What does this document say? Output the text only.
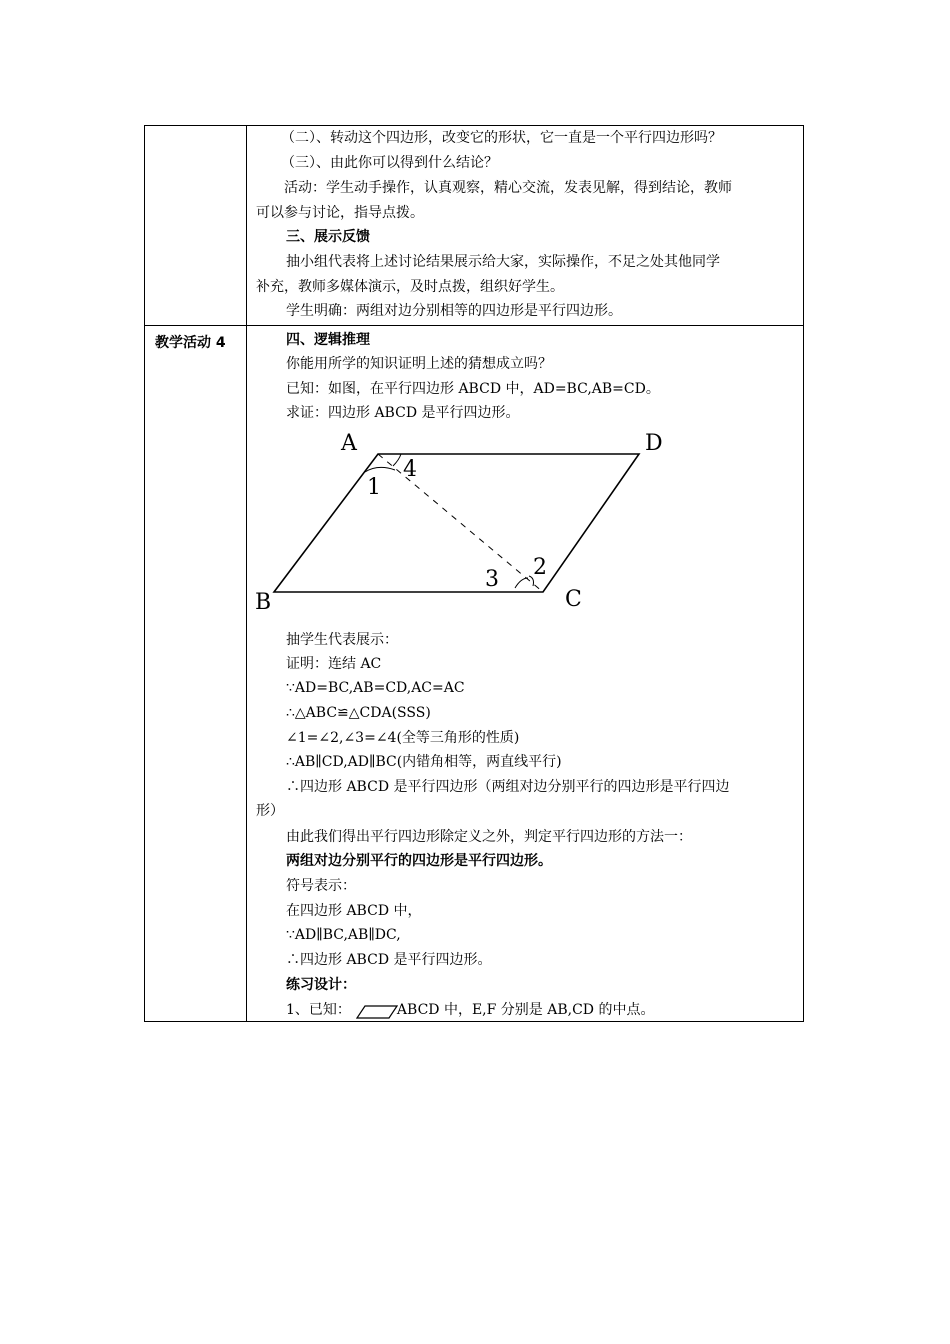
（二）、转动这个四边形，改变它的形状，它一直是一个平行四边形吗？
（三）、由此你可以得到什么结论？
活动：学生动手操作，认真观察，精心交流，发表见解，得到结论，教师
可以参与讨论，指导点拨。
三、展示反馈
抽小组代表将上述讨论结果展示给大家，实际操作，不足之处其他同学
补充，教师多媒体演示，及时点拨，组织好学生。
学生明确：两组对边分别相等的四边形是平行四边形。
教学活动 4	四、逻辑推理
你能用所学的知识证明上述的猜想成立吗？
已知：如图，在平行四边形 ABCD 中，AD=BC,AB=CD。
求证：四边形 ABCD 是平行四边形。
A
B	C
D
1
2
3
4
抽学生代表展示：
证明：连结 AC
∵AD=BC,AB=CD,AC=AC
∴△ABC≌△CDA(SSS)
∠1=∠2,∠3=∠4(全等三角形的性质)
∴AB∥CD,AD∥BC(内错角相等，两直线平行)
∴四边形 ABCD 是平行四边形（两组对边分别平行的四边形是平行四边
形）
由此我们得出平行四边形除定义之外，判定平行四边形的方法一：
两组对边分别平行的四边形是平行四边形。
符号表示：
在四边形 ABCD 中，
∵AD∥BC,AB∥DC,
∴四边形 ABCD 是平行四边形。
练习设计：
1、已知：	ABCD 中，E,F 分别是 AB,CD 的中点。
